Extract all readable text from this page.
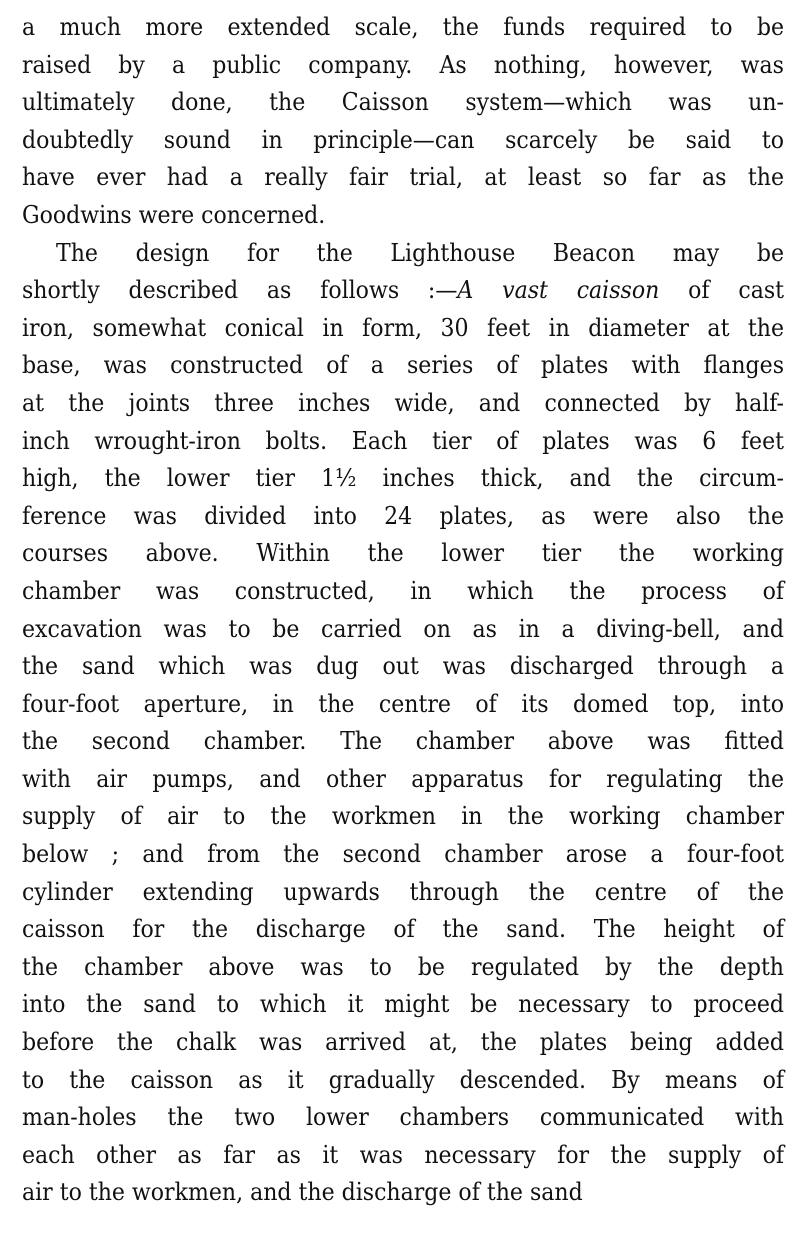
a much more extended scale, the funds required to be
raised by a public company. As nothing, however, was
ultimately done, the Caisson system—which was un-
doubtedly sound in principle—can scarcely be said to
have ever had a really fair trial, at least so far as the
Goodwins were concerned.
The design for the Lighthouse Beacon may be
shortly described as follows :—A vast caisson of cast
iron, somewhat conical in form, 30 feet in diameter at the
base, was constructed of a series of plates with flanges
at the joints three inches wide, and connected by half-
inch wrought-iron bolts. Each tier of plates was 6 feet
high, the lower tier 1½ inches thick, and the circum-
ference was divided into 24 plates, as were also the
courses above. Within the lower tier the working
chamber was constructed, in which the process of
excavation was to be carried on as in a diving-bell, and
the sand which was dug out was discharged through a
four-foot aperture, in the centre of its domed top, into
the second chamber. The chamber above was fitted
with air pumps, and other apparatus for regulating the
supply of air to the workmen in the working chamber
below ; and from the second chamber arose a four-foot
cylinder extending upwards through the centre of the
caisson for the discharge of the sand. The height of
the chamber above was to be regulated by the depth
into the sand to which it might be necessary to proceed
before the chalk was arrived at, the plates being added
to the caisson as it gradually descended. By means of
man-holes the two lower chambers communicated with
each other as far as it was necessary for the supply of
air to the workmen, and the discharge of the sand
